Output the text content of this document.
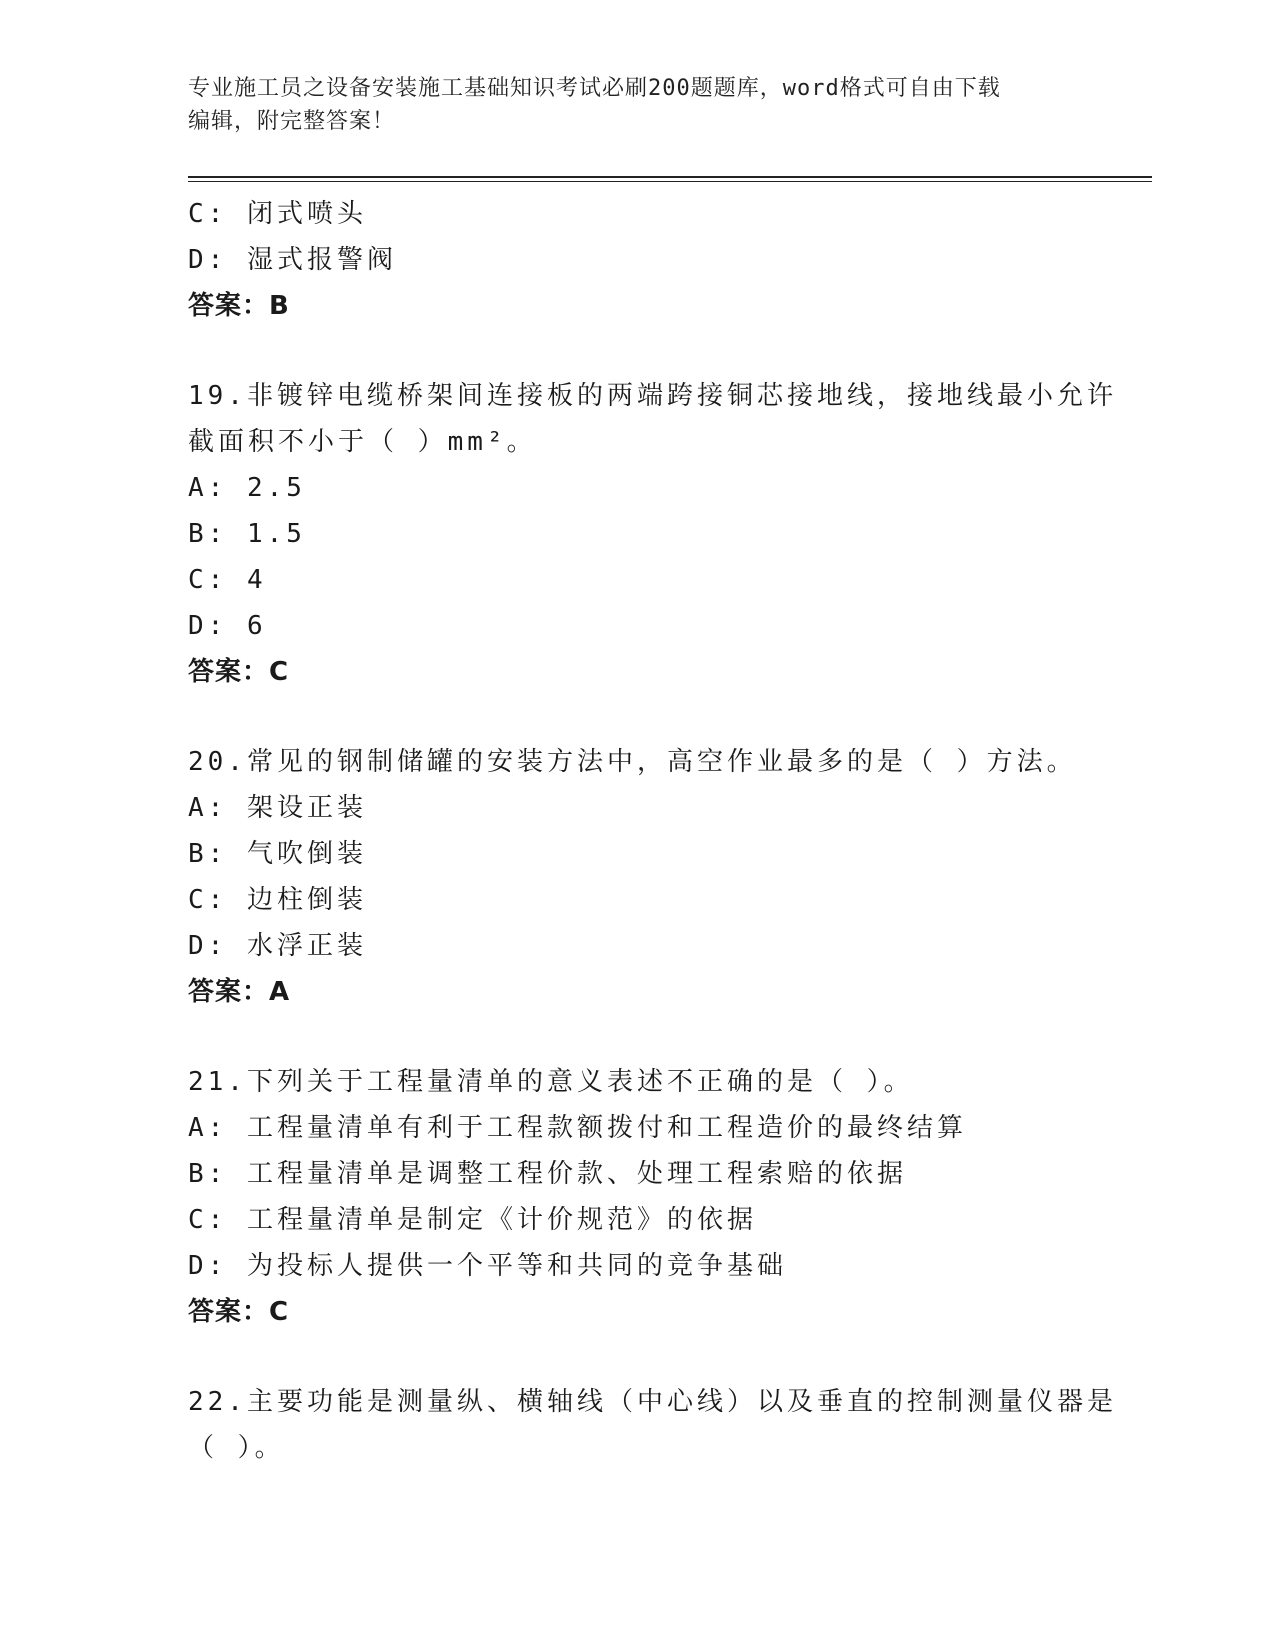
专业施工员之设备安装施工基础知识考试必刷200题题库，word格式可自由下载
编辑，附完整答案！
C: 闭式喷头
D: 湿式报警阀
答案：B
19.非镀锌电缆桥架间连接板的两端跨接铜芯接地线，接地线最小允许
截面积不小于（ ）mm²。
A: 2.5
B: 1.5
C: 4
D: 6
答案：C
20.常见的钢制储罐的安装方法中，高空作业最多的是（ ）方法。
A: 架设正装
B: 气吹倒装
C: 边柱倒装
D: 水浮正装
答案：A
21.下列关于工程量清单的意义表述不正确的是（ ）。
A: 工程量清单有利于工程款额拨付和工程造价的最终结算
B: 工程量清单是调整工程价款、处理工程索赔的依据
C: 工程量清单是制定《计价规范》的依据
D: 为投标人提供一个平等和共同的竞争基础
答案：C
22.主要功能是测量纵、横轴线（中心线）以及垂直的控制测量仪器是
（ ）。
